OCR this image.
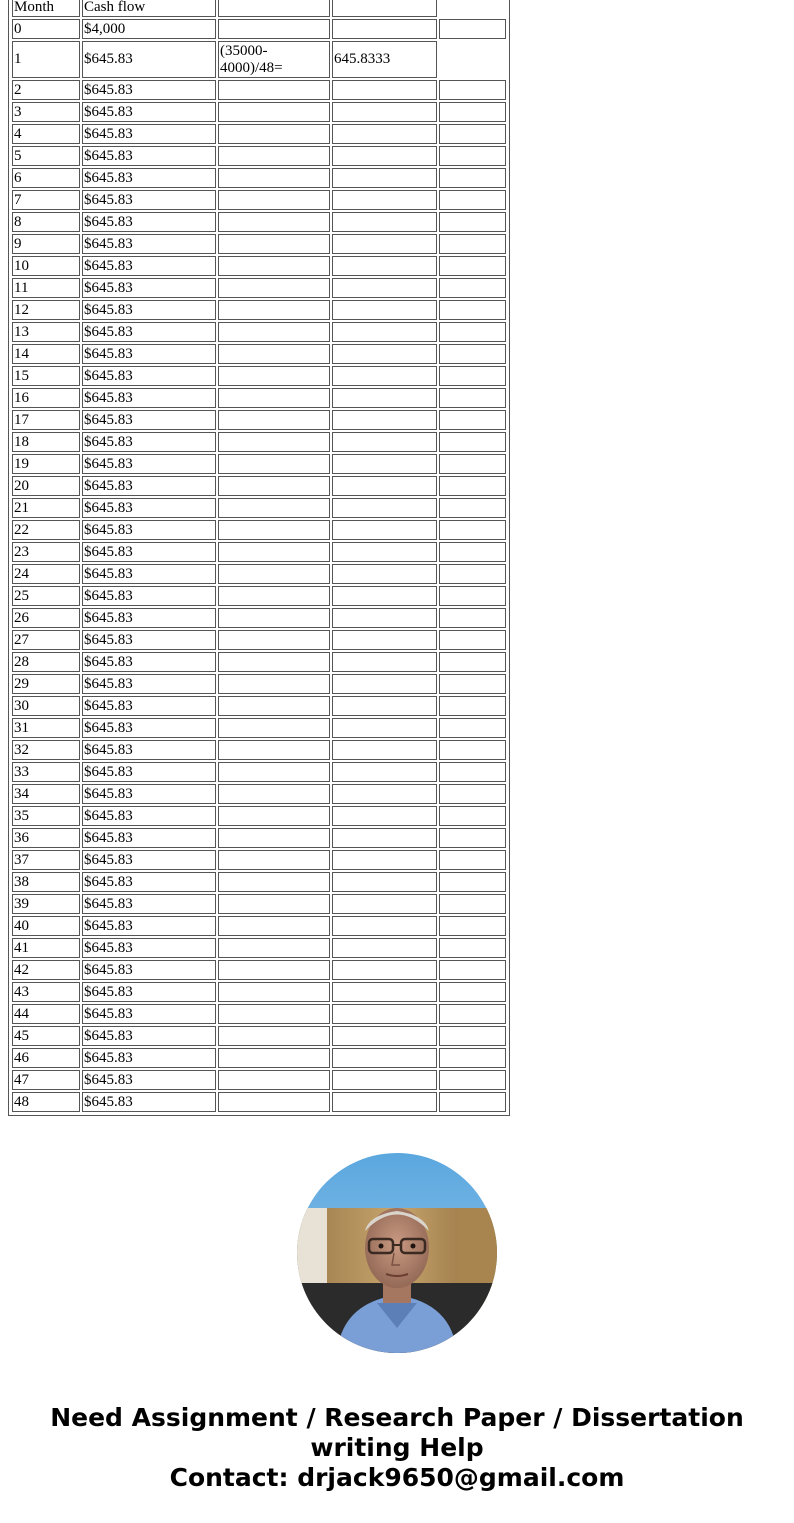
Month	Cash flow			
0	$4,000			
1	$645.83	(35000-4000)/48=	645.8333	
2	$645.83			
3	$645.83			
4	$645.83			
5	$645.83			
6	$645.83			
7	$645.83			
8	$645.83			
9	$645.83			
10	$645.83			
11	$645.83			
12	$645.83			
13	$645.83			
14	$645.83			
15	$645.83			
16	$645.83			
17	$645.83			
18	$645.83			
19	$645.83			
20	$645.83			
21	$645.83			
22	$645.83			
23	$645.83			
24	$645.83			
25	$645.83			
26	$645.83			
27	$645.83			
28	$645.83			
29	$645.83			
30	$645.83			
31	$645.83			
32	$645.83			
33	$645.83			
34	$645.83			
35	$645.83			
36	$645.83			
37	$645.83			
38	$645.83			
39	$645.83			
40	$645.83			
41	$645.83			
42	$645.83			
43	$645.83			
44	$645.83			
45	$645.83			
46	$645.83			
47	$645.83			
48	$645.83			
Need Assignment / Research Paper / Dissertation
writing Help
Contact: drjack9650@gmail.com
